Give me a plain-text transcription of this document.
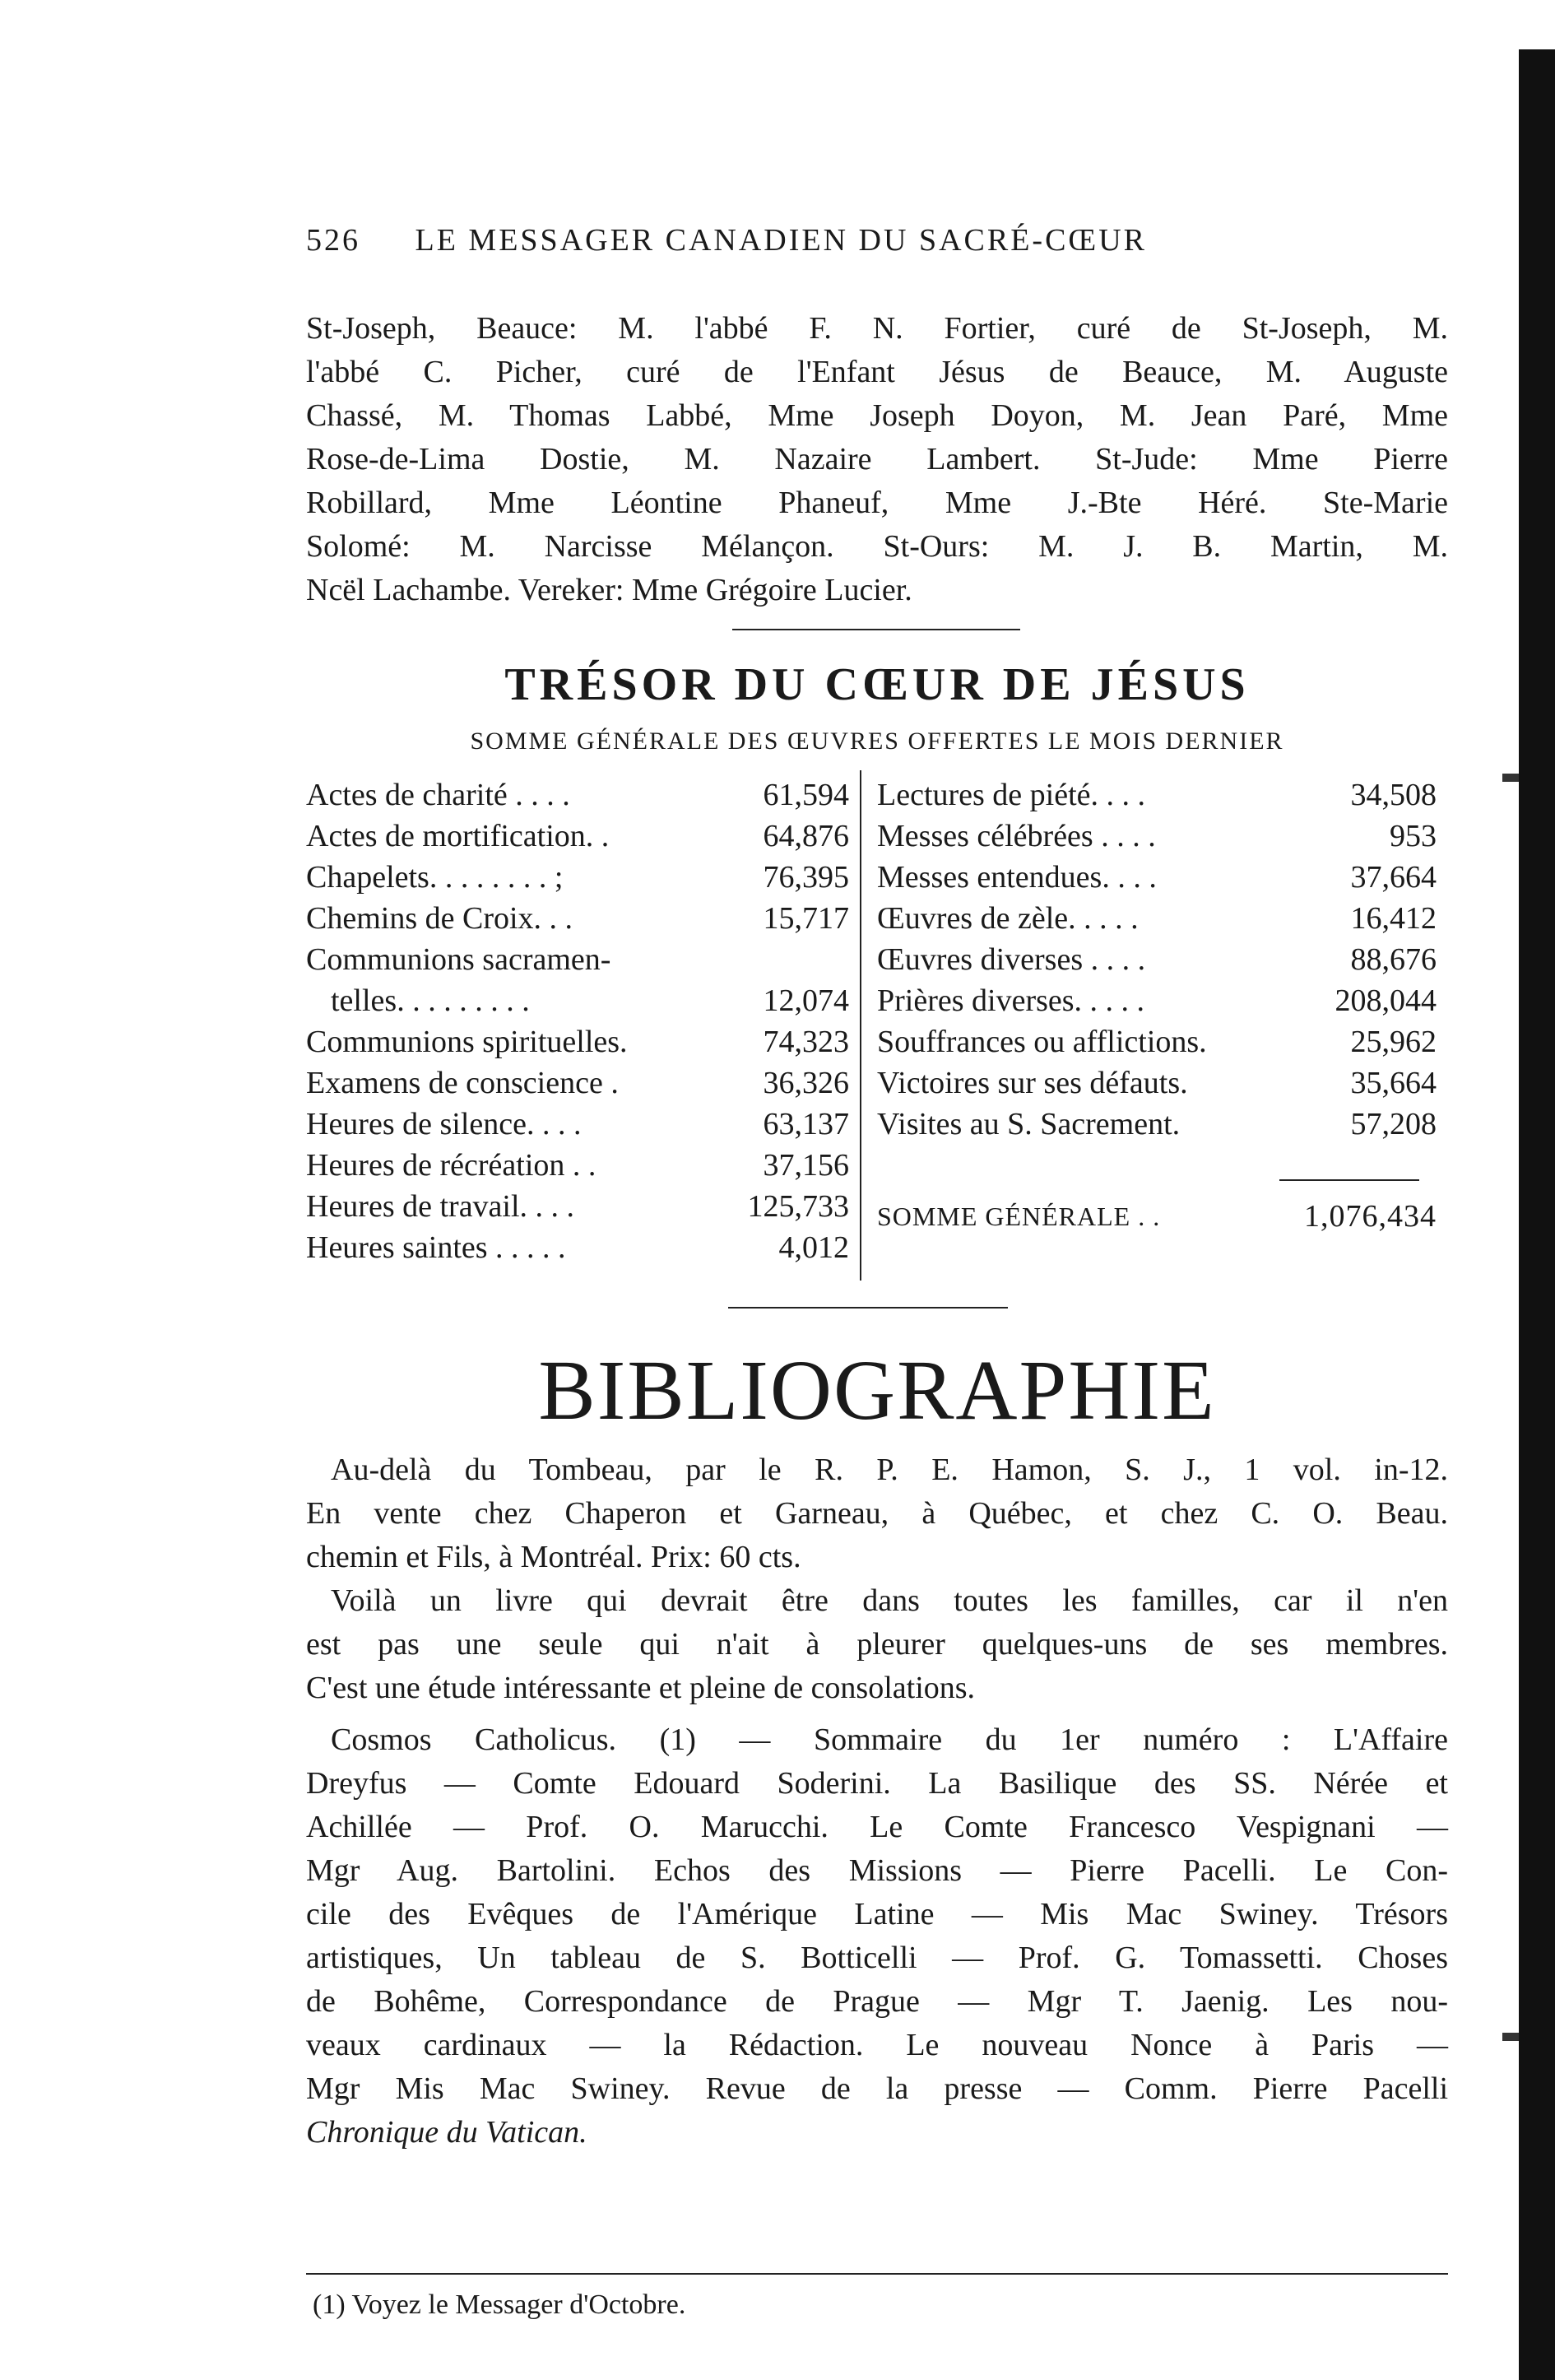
526 LE MESSAGER CANADIEN DU SACRÉ-CŒUR
St-Joseph, Beauce: M. l'abbé F. N. Fortier, curé de St-Joseph, M.
l'abbé C. Picher, curé de l'Enfant Jésus de Beauce, M. Auguste
Chassé, M. Thomas Labbé, Mme Joseph Doyon, M. Jean Paré, Mme
Rose-de-Lima Dostie, M. Nazaire Lambert. St-Jude: Mme Pierre
Robillard, Mme Léontine Phaneuf, Mme J.-Bte Héré. Ste-Marie
Solomé: M. Narcisse Mélançon. St-Ours: M. J. B. Martin, M.
Ncël Lachambe. Vereker: Mme Grégoire Lucier.
TRÉSOR DU CŒUR DE JÉSUS
SOMME GÉNÉRALE DES ŒUVRES OFFERTES LE MOIS DERNIER
Actes de charité . . . .	61,594
Actes de mortification. .	64,876
Chapelets. . . . . . . . ;	76,395
Chemins de Croix. . .	15,717
Communions sacramen-
telles. . . . . . . . .	12,074
Communions spirituelles.	74,323
Examens de conscience .	36,326
Heures de silence. . . .	63,137
Heures de récréation . .	37,156
Heures de travail. . . .	125,733
Heures saintes . . . . .	4,012
Lectures de piété. . . .	34,508
Messes célébrées . . . .	953
Messes entendues. . . .	37,664
Œuvres de zèle. . . . .	16,412
Œuvres diverses . . . .	88,676
Prières diverses. . . . .	208,044
Souffrances ou afflictions.	25,962
Victoires sur ses défauts.	35,664
Visites au S. Sacrement.	57,208
SOMME GÉNÉRALE . .	1,076,434
BIBLIOGRAPHIE
Au-delà du Tombeau, par le R. P. E. Hamon, S. J., 1 vol. in-12.
En vente chez Chaperon et Garneau, à Québec, et chez C. O. Beau.
chemin et Fils, à Montréal. Prix: 60 cts.
Voilà un livre qui devrait être dans toutes les familles, car il n'en
est pas une seule qui n'ait à pleurer quelques-uns de ses membres.
C'est une étude intéressante et pleine de consolations.
Cosmos Catholicus. (1) — Sommaire du 1er numéro : L'Affaire
Dreyfus — Comte Edouard Soderini. La Basilique des SS. Nérée et
Achillée — Prof. O. Marucchi. Le Comte Francesco Vespignani —
Mgr Aug. Bartolini. Echos des Missions — Pierre Pacelli. Le Con-
cile des Evêques de l'Amérique Latine — Mis Mac Swiney. Trésors
artistiques, Un tableau de S. Botticelli — Prof. G. Tomassetti. Choses
de Bohême, Correspondance de Prague — Mgr T. Jaenig. Les nou-
veaux cardinaux — la Rédaction. Le nouveau Nonce à Paris —
Mgr Mis Mac Swiney. Revue de la presse — Comm. Pierre Pacelli
Chronique du Vatican.
(1) Voyez le Messager d'Octobre.
